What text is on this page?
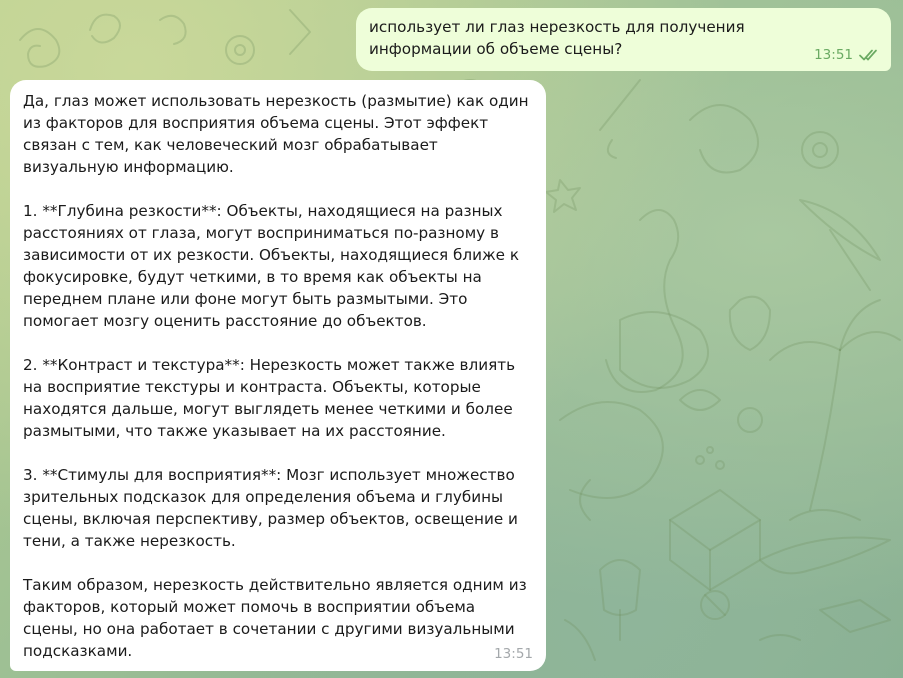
использует ли глаз нерезкость для получения информации об объеме сцены?	13:51

Да, глаз может использовать нерезкость (размытие) как один из факторов для восприятия объема сцены. Этот эффект связан с тем, как человеческий мозг обрабатывает визуальную информацию.

1. **Глубина резкости**: Объекты, находящиеся на разных расстояниях от глаза, могут восприниматься по-разному в зависимости от их резкости. Объекты, находящиеся ближе к фокусировке, будут четкими, в то время как объекты на переднем плане или фоне могут быть размытыми. Это помогает мозгу оценить расстояние до объектов.

2. **Контраст и текстура**: Нерезкость может также влиять на восприятие текстуры и контраста. Объекты, которые находятся дальше, могут выглядеть менее четкими и более размытыми, что также указывает на их расстояние.

3. **Стимулы для восприятия**: Мозг использует множество зрительных подсказок для определения объема и глубины сцены, включая перспективу, размер объектов, освещение и тени, а также нерезкость.

Таким образом, нерезкость действительно является одним из факторов, который может помочь в восприятии объема сцены, но она работает в сочетании с другими визуальными подсказками.	13:51
